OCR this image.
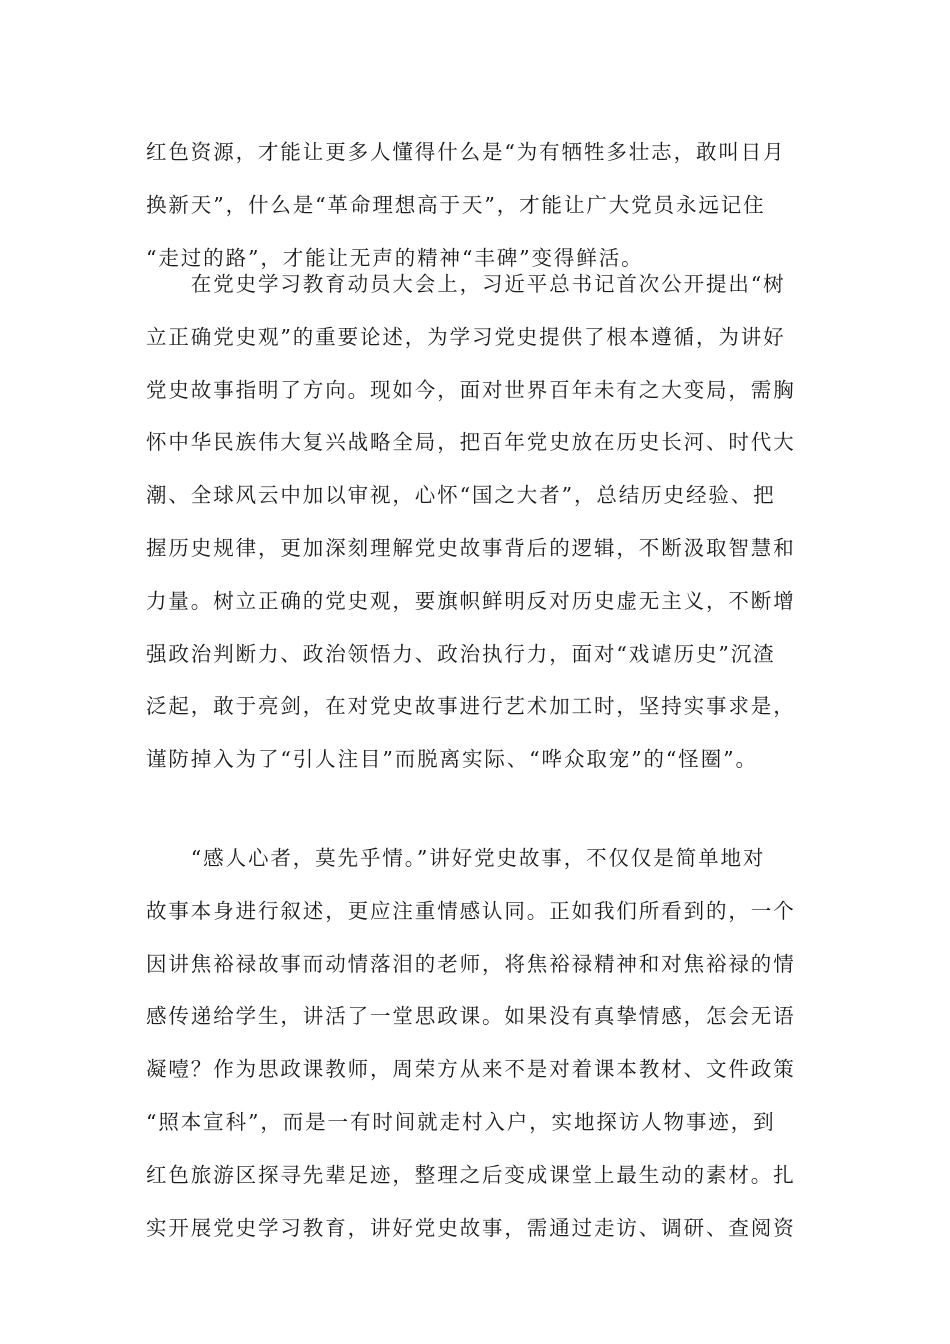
红色资源，才能让更多人懂得什么是“为有牺牲多壮志，敢叫日月
换新天”，什么是“革命理想高于天”，才能让广大党员永远记住
“走过的路”，才能让无声的精神“丰碑”变得鲜活。
　　在党史学习教育动员大会上，习近平总书记首次公开提出“树
立正确党史观”的重要论述，为学习党史提供了根本遵循，为讲好
党史故事指明了方向。现如今，面对世界百年未有之大变局，需胸
怀中华民族伟大复兴战略全局，把百年党史放在历史长河、时代大
潮、全球风云中加以审视，心怀“国之大者”，总结历史经验、把
握历史规律，更加深刻理解党史故事背后的逻辑，不断汲取智慧和
力量。树立正确的党史观，要旗帜鲜明反对历史虚无主义，不断增
强政治判断力、政治领悟力、政治执行力，面对“戏谑历史”沉渣
泛起，敢于亮剑，在对党史故事进行艺术加工时，坚持实事求是，
谨防掉入为了“引人注目”而脱离实际、“哗众取宠”的“怪圈”。
　　“感人心者，莫先乎情。”讲好党史故事，不仅仅是简单地对
故事本身进行叙述，更应注重情感认同。正如我们所看到的，一个
因讲焦裕禄故事而动情落泪的老师，将焦裕禄精神和对焦裕禄的情
感传递给学生，讲活了一堂思政课。如果没有真挚情感，怎会无语
凝噎？作为思政课教师，周荣方从来不是对着课本教材、文件政策
“照本宣科”，而是一有时间就走村入户，实地探访人物事迹，到
红色旅游区探寻先辈足迹，整理之后变成课堂上最生动的素材。扎
实开展党史学习教育，讲好党史故事，需通过走访、调研、查阅资
